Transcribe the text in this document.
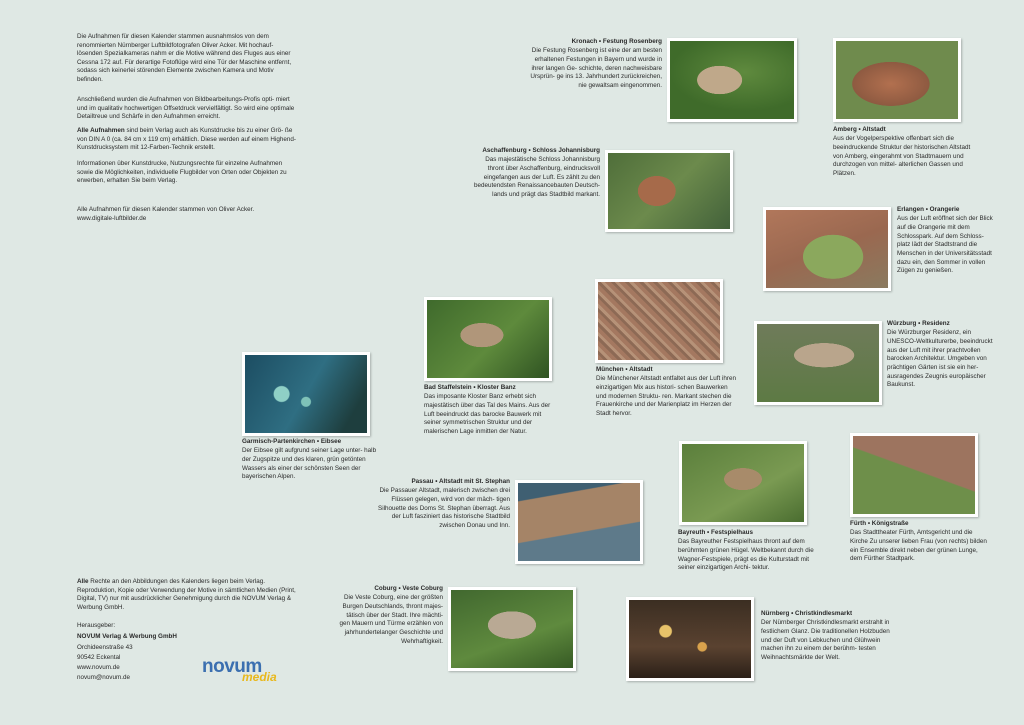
Die Aufnahmen für diesen Kalender stammen ausnahmslos von dem renommierten Nürnberger Luftbildfotografen Oliver Acker. Mit hochauf- lösenden Spezialkameras nahm er die Motive während des Fluges aus einer Cessna 172 auf. Für derartige Fotoflüge wird eine Tür der Maschine entfernt, sodass sich keinerlei störenden Elemente zwischen Kamera und Motiv befinden.

Anschließend wurden die Aufnahmen von Bildbearbeitungs-Profis opti- miert und im qualitativ hochwertigen Offsetdruck vervielfältigt. So wird eine optimale Detailtreue und Schärfe in den Aufnahmen erreicht.

Alle Aufnahmen sind beim Verlag auch als Kunstdrucke bis zu einer Grö- ße von DIN A 0 (ca. 84 cm x 119 cm) erhältlich. Diese werden auf einem Highend-Kunstdrucksystem mit 12-Farben-Technik erstellt.

Informationen über Kunstdrucke, Nutzungsrechte für einzelne Aufnahmen sowie die Möglichkeiten, individuelle Flugbilder von Orten oder Objekten zu erwerben, erhalten Sie beim Verlag.

Alle Aufnahmen für diesen Kalender stammen von Oliver Acker.

www.digitale-luftbilder.de

Alle Rechte an den Abbildungen des Kalenders liegen beim Verlag. Reproduktion, Kopie oder Verwendung der Motive in sämtlichen Medien (Print, Digital, TV) nur mit ausdrücklicher Genehmigung durch die NOVUM Verlag & Werbung GmbH.

Herausgeber:

NOVUM Verlag & Werbung GmbH

Orchideenstraße 43

90542 Eckental

www.novum.de

novum@novum.de

novum
media
Kronach • Festung Rosenberg
Die Festung Rosenberg ist eine der am besten erhaltenen Festungen in Bayern und wurde in ihrer langen Ge- schichte, deren nachweisbare Ursprün- ge ins 13. Jahrhundert zurückreichen, nie gewaltsam eingenommen.
Amberg • Altstadt
Aus der Vogelperspektive offenbart sich die beeindruckende Struktur der historischen Altstadt von Amberg, eingerahmt von Stadtmauern und durchzogen von mittel- alterlichen Gassen und Plätzen.
Aschaffenburg • Schloss Johannisburg
Das majestätische Schloss Johannisburg thront über Aschaffenburg, eindrucksvoll eingefangen aus der Luft. Es zählt zu den bedeutendsten Renaissancebauten Deutsch- lands und prägt das Stadtbild markant.
Erlangen • Orangerie
Aus der Luft eröffnet sich der Blick auf die Orangerie mit dem Schlosspark. Auf dem Schloss- platz lädt der Stadtstrand die Menschen in der Universitätsstadt dazu ein, den Sommer in vollen Zügen zu genießen.
München • Altstadt
Die Münchener Altstadt entfaltet aus der Luft ihren einzigartigen Mix aus histori- schen Bauwerken und modernen Struktu- ren. Markant stechen die Frauenkirche und der Marienplatz im Herzen der Stadt hervor.
Würzburg • Residenz
Die Würzburger Residenz, ein UNESCO-Weltkulturerbe, beeindruckt aus der Luft mit ihrer prachtvollen barocken Architektur. Umgeben von prächtigen Gärten ist sie ein her- ausragendes Zeugnis europäischer Baukunst.
Bad Staffelstein • Kloster Banz
Das imposante Kloster Banz erhebt sich majestätisch über das Tal des Mains. Aus der Luft beeindruckt das barocke Bauwerk mit seiner symmetrischen Struktur und der malerischen Lage inmitten der Natur.
Garmisch-Partenkirchen • Eibsee
Der Eibsee gilt aufgrund seiner Lage unter- halb der Zugspitze und des klaren, grün getönten Wassers als einer der schönsten Seen der bayerischen Alpen.
Passau • Altstadt mit St. Stephan
Die Passauer Altstadt, malerisch zwischen drei Flüssen gelegen, wird von der mäch- tigen Silhouette des Doms St. Stephan überragt. Aus der Luft fasziniert das historische Stadtbild zwischen Donau und Inn.
Bayreuth • Festspielhaus
Das Bayreuther Festspielhaus thront auf dem berühmten grünen Hügel. Weltbekannt durch die Wagner-Festspiele, prägt es die Kulturstadt mit seiner einzigartigen Archi- tektur.
Fürth • Königstraße
Das Stadttheater Fürth, Amtsgericht und die Kirche Zu unserer lieben Frau (von rechts) bilden ein Ensemble direkt neben der grünen Lunge, dem Fürther Stadtpark.
Coburg • Veste Coburg
Die Veste Coburg, eine der größten Burgen Deutschlands, thront majes- tätisch über der Stadt. Ihre mächti- gen Mauern und Türme erzählen von jahrhundertelanger Geschichte und Wehrhaftigkeit.
Nürnberg • Christkindlesmarkt
Der Nürnberger Christkindlesmarkt erstrahlt in festlichem Glanz. Die traditionellen Holzbuden und der Duft von Lebkuchen und Glühwein machen ihn zu einem der berühm- testen Weihnachtsmärkte der Welt.
